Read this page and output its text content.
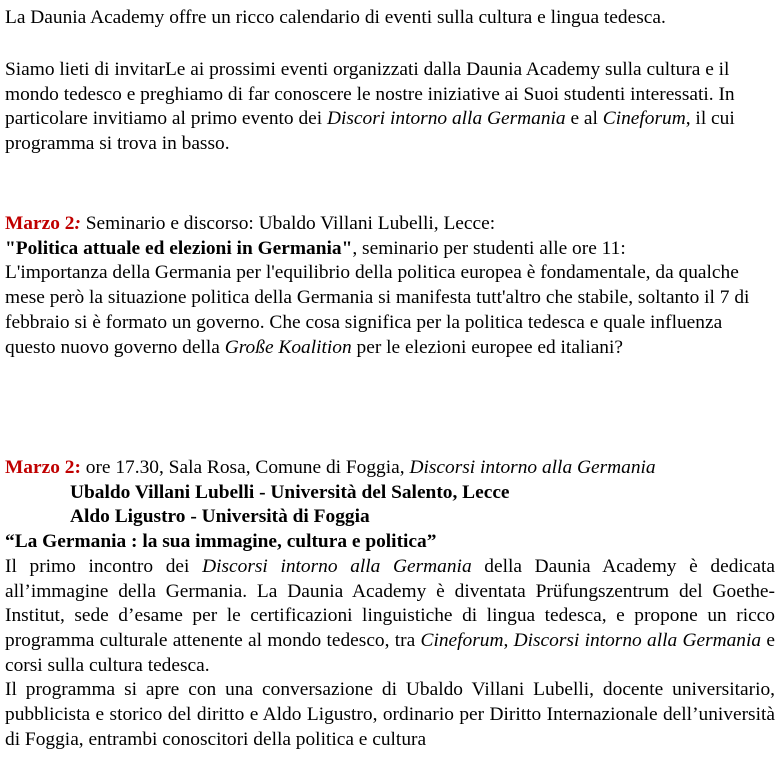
La Daunia Academy offre un ricco calendario di eventi sulla cultura e lingua tedesca.

Siamo lieti di invitarLe ai prossimi eventi organizzati dalla Daunia Academy sulla cultura e il mondo tedesco e preghiamo di far conoscere le nostre iniziative ai Suoi studenti interessati. In particolare invitiamo al primo evento dei Discori intorno alla Germania e al Cineforum, il cui programma si trova in basso.

Marzo 2: Seminario e discorso: Ubaldo Villani Lubelli, Lecce:

"Politica attuale ed elezioni in Germania", seminario per studenti alle ore 11:

L'importanza della Germania per l'equilibrio della politica europea è fondamentale, da qualche mese però la situazione politica della Germania si manifesta tutt'altro che stabile, soltanto il 7 di febbraio si è formato un governo. Che cosa significa per la politica tedesca e quale influenza questo nuovo governo della Große Koalition per le elezioni europee ed italiani?

Marzo 2: ore 17.30, Sala Rosa, Comune di Foggia, Discorsi intorno alla Germania

Ubaldo Villani Lubelli - Università del Salento, Lecce

Aldo Ligustro - Università di Foggia

“La Germania : la sua immagine, cultura e politica”

Il primo incontro dei Discorsi intorno alla Germania della Daunia Academy è dedicata all’immagine della Germania. La Daunia Academy è diventata Prüfungszentrum del Goethe-Institut, sede d’esame per le certificazioni linguistiche di lingua tedesca, e propone un ricco programma culturale attenente al mondo tedesco, tra Cineforum, Discorsi intorno alla Germania e corsi sulla cultura tedesca.

Il programma si apre con una conversazione di Ubaldo Villani Lubelli, docente universitario, pubblicista e storico del diritto e Aldo Ligustro, ordinario per Diritto Internazionale dell’università di Foggia, entrambi conoscitori della politica e cultura
